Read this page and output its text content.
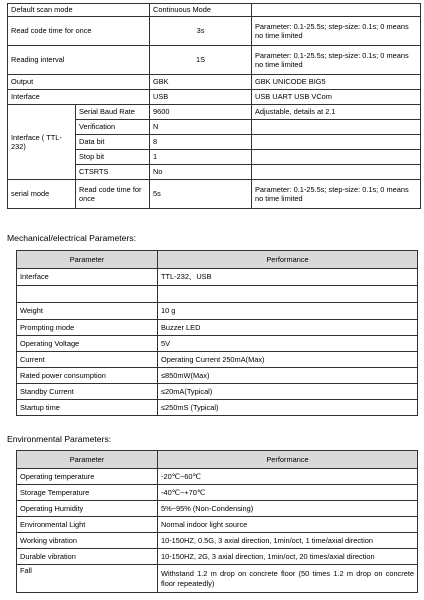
Default scan mode		Continuous Mode	
Read code time for once		3s	Parameter: 0.1-25.5s; step-size: 0.1s; 0 means no time limited
Reading interval		1S	Parameter: 0.1-25.5s; step-size: 0.1s; 0 means no time limited
Output		GBK	GBK UNICODE BIG5
Interface		USB	USB UART USB VCom
Interface ( TTL-232)	Serial Baud Rate	9600	Adjustable, details at 2.1
	Verification	N	
	Data bit	8	
	Stop bit	1	
	CTSRTS	No	
serial mode	Read code time for once	5s	Parameter: 0.1-25.5s; step-size: 0.1s; 0 means no time limited
Mechanical/electrical Parameters:
Parameter	Performance
Interface	TTL-232、USB

Weight	10 g
Prompting mode	Buzzer LED
Operating Voltage	5V
Current	Operating Current 250mA(Max)
Rated power consumption	≤850mW(Max)
Standby Current	≤20mA(Typical)
Startup time	≤250mS (Typical)
Environmental Parameters:
Parameter	Performance
Operating temperature	-20℃~60℃
Storage Temperature	-40℃~+70℃
Operating Humidity	5%~95% (Non-Condensing)
Environmental Light	Normal indoor light source
Working vibration	10-150HZ, 0.5G, 3 axial direction, 1min/oct, 1 time/axial direction
Durable vibration	10-150HZ, 2G, 3 axial direction, 1min/oct, 20 times/axial direction
Fall	Withstand 1.2 m drop on concrete floor (50 times 1.2 m drop on concrete floor repeatedly)
